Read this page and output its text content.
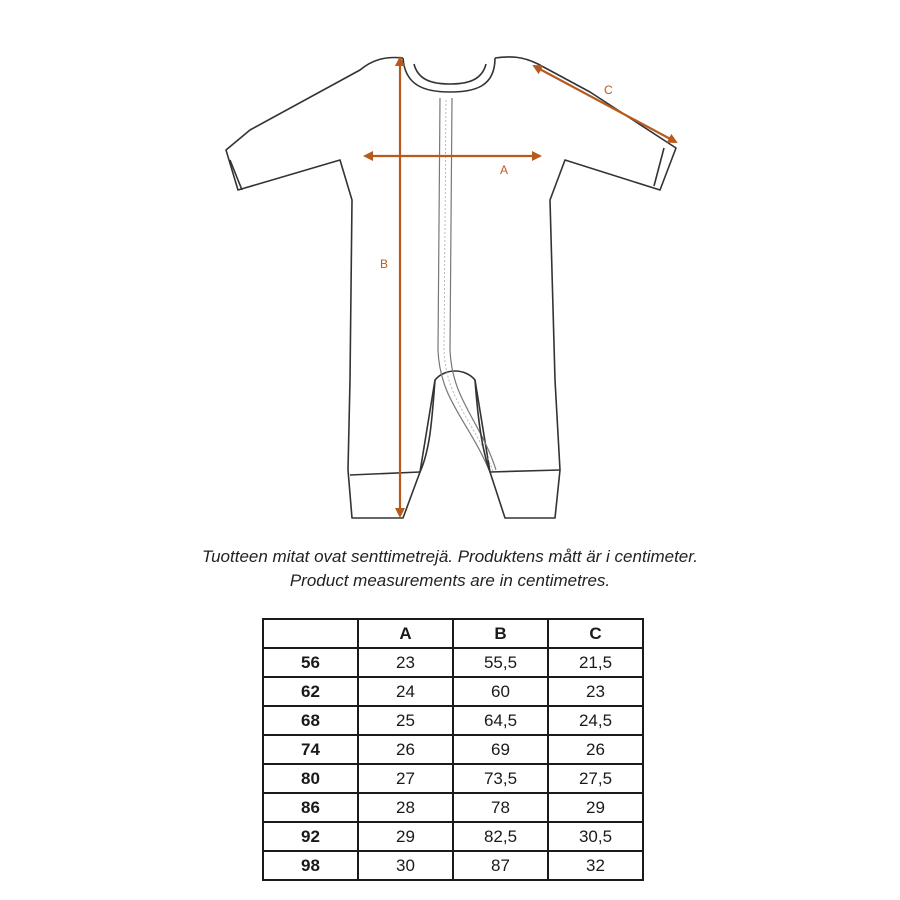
A
B
C
Tuotteen mitat ovat senttimetrejä. Produktens mått är i centimeter.
Product measurements are in centimetres.
	A	B	C
56	23	55,5	21,5
62	24	60	23
68	25	64,5	24,5
74	26	69	26
80	27	73,5	27,5
86	28	78	29
92	29	82,5	30,5
98	30	87	32
